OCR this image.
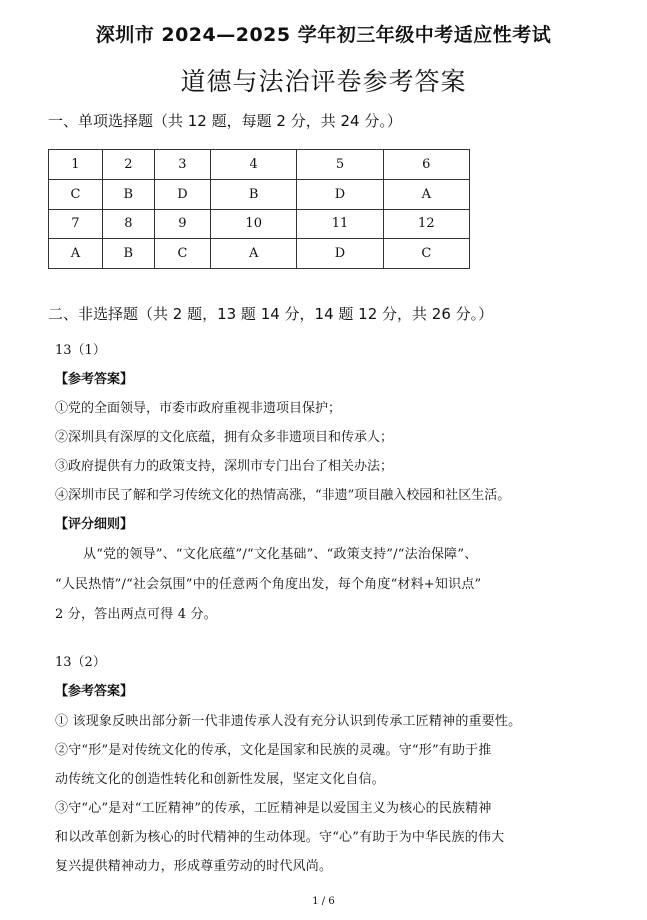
深圳市 2024—2025 学年初三年级中考适应性考试
道德与法治评卷参考答案
一、单项选择题（共 12 题，每题 2 分，共 24 分。）
1	2	3	4	5	6
C	B	D	B	D	A
7	8	9	10	11	12
A	B	C	A	D	C
二、非选择题（共 2 题，13 题 14 分，14 题 12 分，共 26 分。）
13（1）
【参考答案】
①党的全面领导，市委市政府重视非遗项目保护；
②深圳具有深厚的文化底蕴，拥有众多非遗项目和传承人；
③政府提供有力的政策支持，深圳市专门出台了相关办法；
④深圳市民了解和学习传统文化的热情高涨，“非遗”项目融入校园和社区生活。
【评分细则】
从“党的领导”、“文化底蕴”/“文化基础”、“政策支持”/“法治保障”、
“人民热情”/“社会氛围”中的任意两个角度出发，每个角度“材料+知识点”
2 分，答出两点可得 4 分。
13（2）
【参考答案】
① 该现象反映出部分新一代非遗传承人没有充分认识到传承工匠精神的重要性。
②守“形”是对传统文化的传承，文化是国家和民族的灵魂。守“形”有助于推
动传统文化的创造性转化和创新性发展，坚定文化自信。
③守“心”是对“工匠精神”的传承，工匠精神是以爱国主义为核心的民族精神
和以改革创新为核心的时代精神的生动体现。守“心”有助于为中华民族的伟大
复兴提供精神动力，形成尊重劳动的时代风尚。
1 / 6
